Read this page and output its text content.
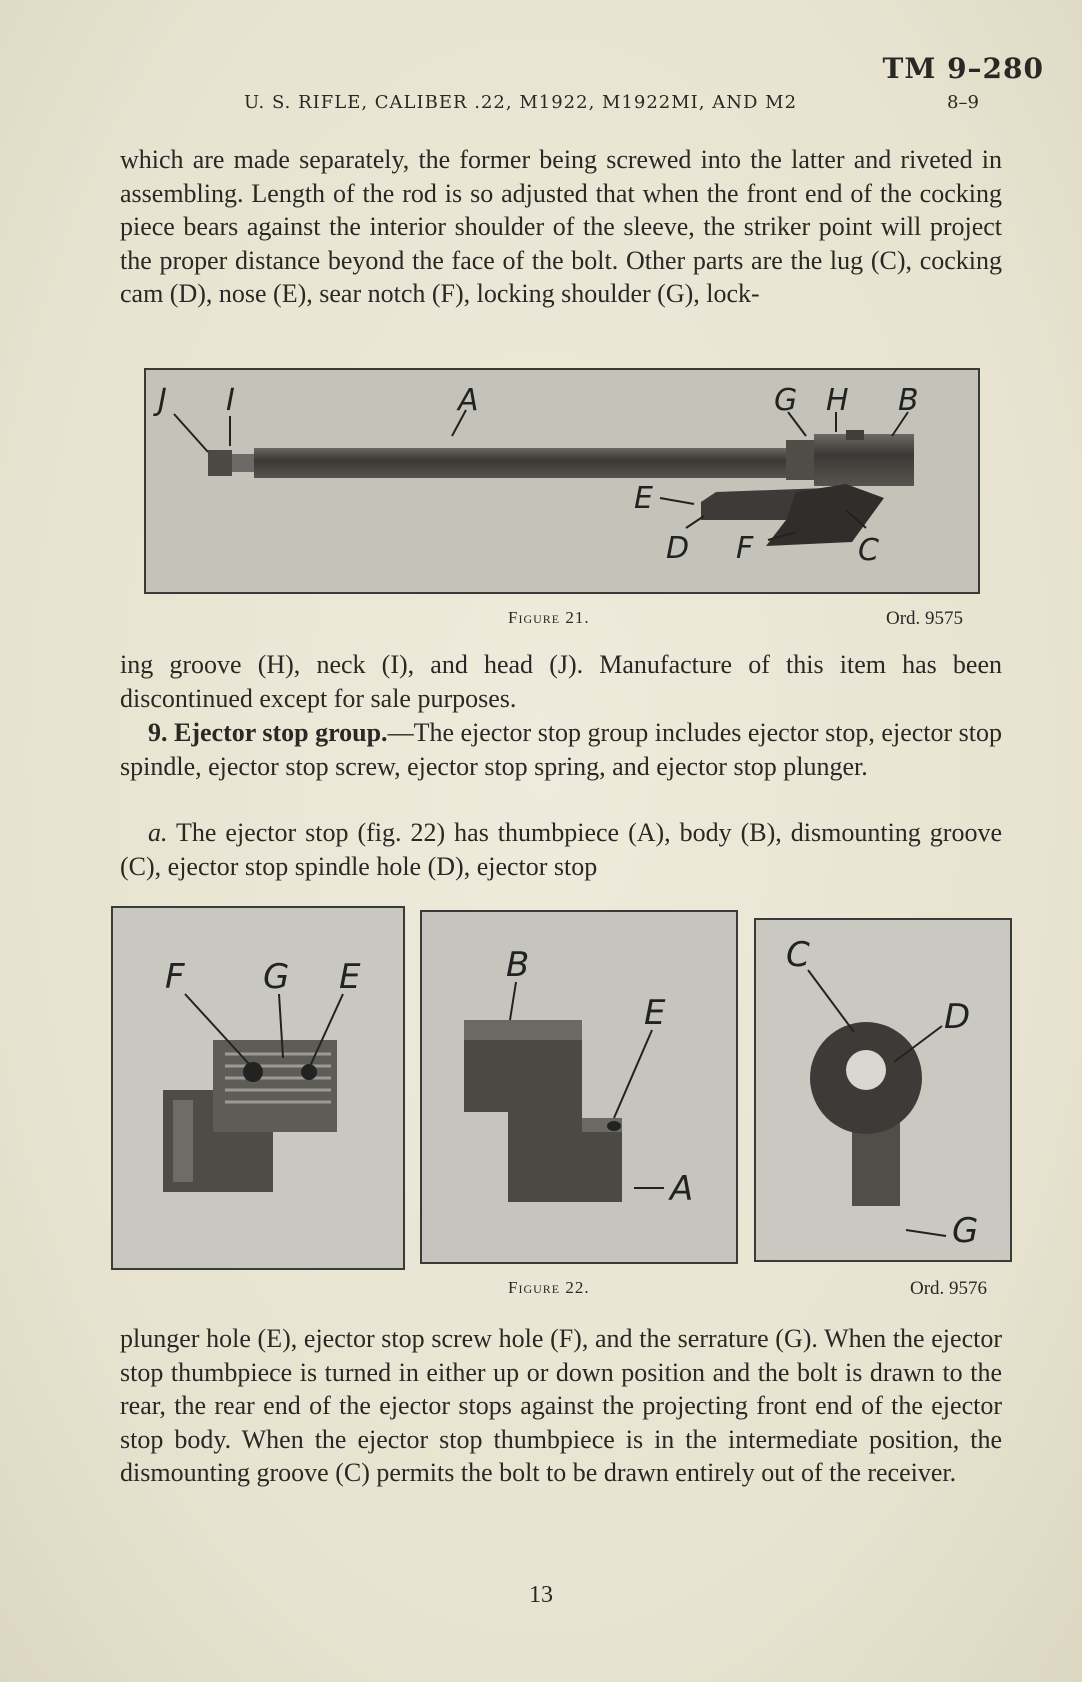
TM 9–280
U. S. RIFLE, CALIBER .22, M1922, M1922MI, AND M2	8–9

which are made separately, the former being screwed into the latter and riveted in assembling. Length of the rod is so adjusted that when the front end of the cocking piece bears against the interior shoulder of the sleeve, the striker point will project the proper distance beyond the face of the bolt. Other parts are the lug (C), cocking cam (D), nose (E), sear notch (F), locking shoulder (G), lock-

J I	A	G H B
E
D F	C
Figure 21.	Ord. 9575

ing groove (H), neck (I), and head (J). Manufacture of this item has been discontinued except for sale purposes.

9. Ejector stop group.—The ejector stop group includes ejector stop, ejector stop spindle, ejector stop screw, ejector stop spring, and ejector stop plunger.

a. The ejector stop (fig. 22) has thumbpiece (A), body (B), dismounting groove (C), ejector stop spindle hole (D), ejector stop

F G E	B
E
A
C
D
G
Figure 22.	Ord. 9576

plunger hole (E), ejector stop screw hole (F), and the serrature (G). When the ejector stop thumbpiece is turned in either up or down position and the bolt is drawn to the rear, the rear end of the ejector stops against the projecting front end of the ejector stop body. When the ejector stop thumbpiece is in the intermediate position, the dismounting groove (C) permits the bolt to be drawn entirely out of the receiver.

13
